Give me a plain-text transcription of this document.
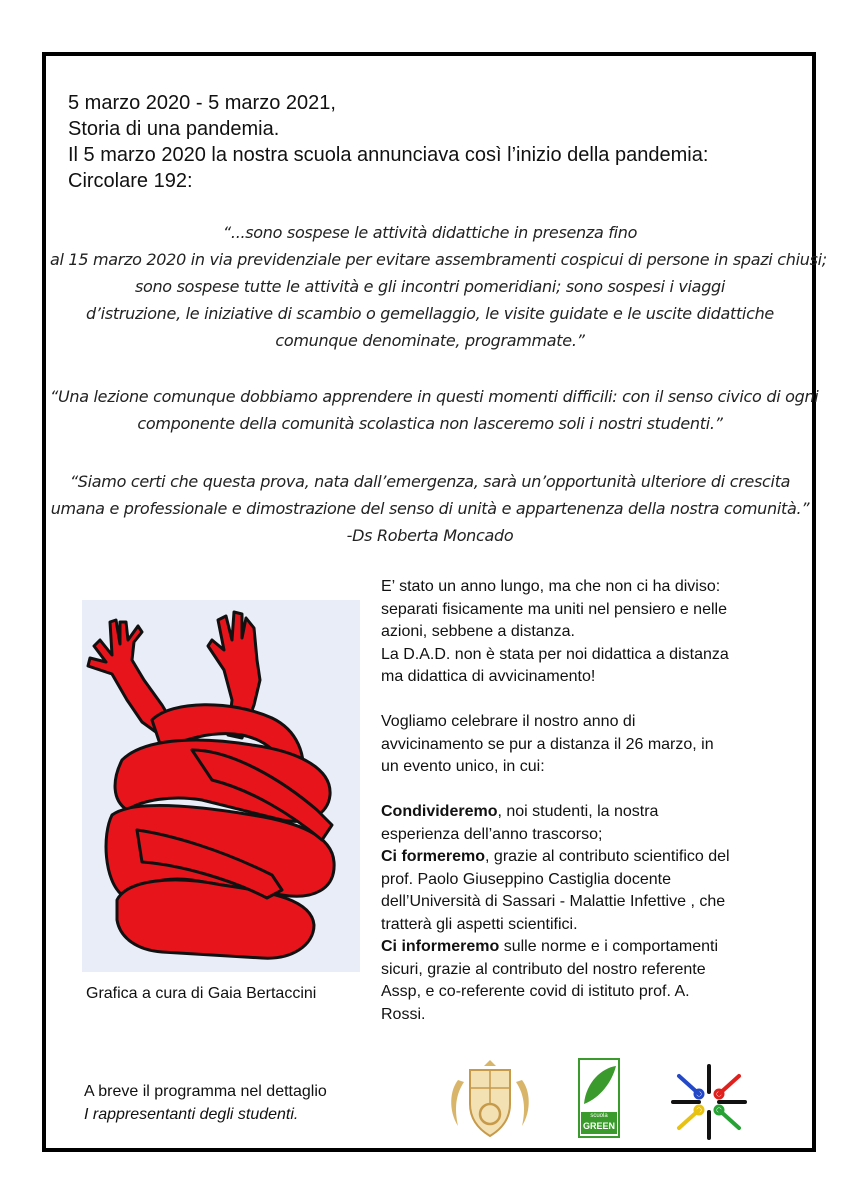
5 marzo 2020 - 5 marzo 2021,
Storia di una pandemia.
Il 5 marzo 2020 la nostra scuola annunciava così l’inizio della pandemia:
Circolare 192:
“...sono sospese le attività didattiche in presenza fino
al 15 marzo 2020 in via previdenziale per evitare assembramenti cospicui di persone in spazi chiusi;
sono sospese tutte le attività e gli incontri pomeridiani; sono sospesi i viaggi
d’istruzione, le iniziative di scambio o gemellaggio, le visite guidate e le uscite didattiche
comunque denominate, programmate.”
“Una lezione comunque dobbiamo apprendere in questi momenti difficili: con il senso civico di ogni
componente della comunità scolastica non lasceremo soli i nostri studenti.”
“Siamo certi che questa prova, nata dall’emergenza, sarà un’opportunità ulteriore di crescita
umana e professionale e dimostrazione del senso di unità e appartenenza della nostra comunità.”
-Ds Roberta Moncado
Grafica a cura di Gaia Bertaccini
E’ stato un anno lungo, ma che non ci ha diviso:
separati fisicamente ma uniti nel pensiero e nelle
azioni, sebbene a distanza.
La D.A.D. non è stata per noi didattica a distanza
ma didattica di avvicinamento!
Vogliamo celebrare il nostro anno di
avvicinamento se pur a distanza il 26 marzo, in
un evento unico, in cui:
Condivideremo, noi studenti, la nostra
esperienza dell’anno trascorso;
Ci formeremo, grazie al contributo scientifico del
prof. Paolo Giuseppino Castiglia docente
dell’Università di Sassari - Malattie Infettive , che
tratterà gli aspetti scientifici.
Ci informeremo sulle norme e i comportamenti
sicuri, grazie al contributo del nostro referente
Assp, e co-referente covid di istituto prof. A.
Rossi.
A breve il programma nel dettaglio
I rappresentanti degli studenti.	scuola
GREEN
